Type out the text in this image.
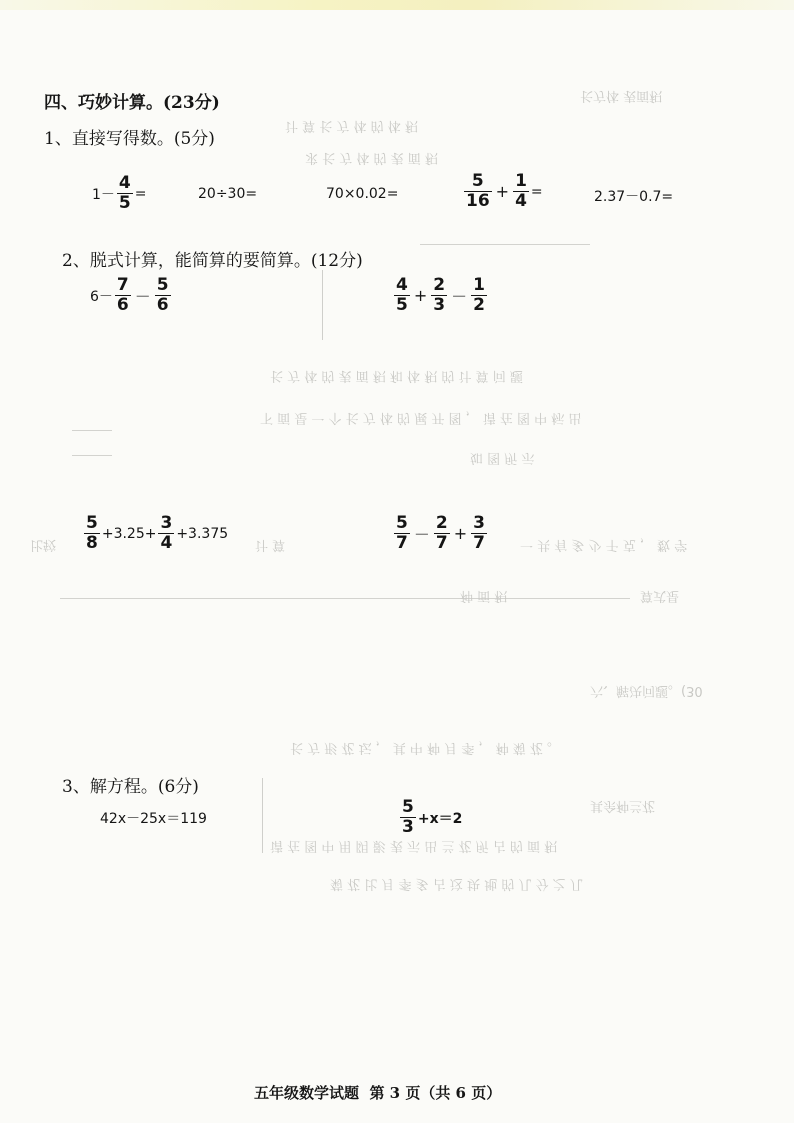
长方体 表面积
计 算 长 方 体 的 体 积
求 长 方 体 的 表 面 积
长 方 体 的 表 面 积 和 体 积 的 计 算 问 题
下 面 是 一 个 长 方 体 的 展 开 图 ， 请 在 图 中 标 出
如 图 所 示
比较	计 算	一 共 有 多 少 千 克 ， 数 学
算式是
种 面 积
六、解决问题。(30
长 方 形 花 坛 ， 其 中 种 月 季 ， 种 菊 花 。
其余种兰花
请 在 图 中 用 阴 影 表 示 出 兰 花 所 占 的 面 积
菊 花 比 月 季 多 占 这 块 地 的 几 分 之 几
四、巧妙计算。(23分)
1、直接写得数。(5分)
$1- \frac{4}{5}$ =	20÷30=	70×0.02=	$\frac{5}{16} + \frac{1}{4}$ =	2.37－0.7=
2、脱式计算，能简算的要简算。(12分)
$6- \frac{7}{6} - \frac{5}{6}$	$\frac{4}{5} + \frac{2}{3} - \frac{1}{2}$
$\frac{5}{8} +3.25+ \frac{3}{4} +3.375$	$\frac{5}{7} - \frac{2}{7} + \frac{3}{7}$
3、解方程。(6分)
42x－25x＝119	$\frac{5}{3} +x=2$
五年级数学试题  第 3 页（共 6 页）
